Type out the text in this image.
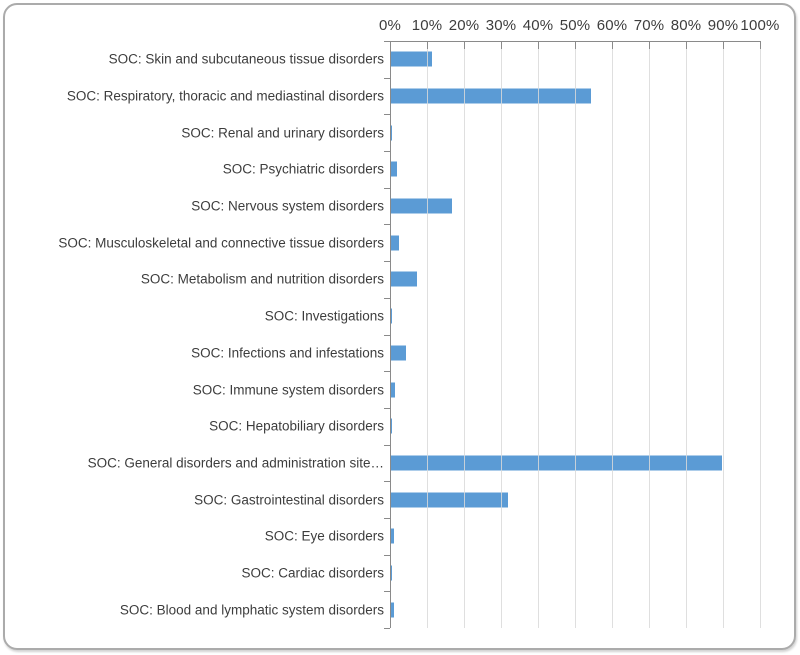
0% 10% 20% 30% 40% 50% 60% 70% 80% 90% 100%
SOC: Skin and subcutaneous tissue disorders
SOC: Respiratory, thoracic and mediastinal disorders
SOC: Renal and urinary disorders
SOC: Psychiatric disorders
SOC: Nervous system disorders
SOC: Musculoskeletal and connective tissue disorders
SOC: Metabolism and nutrition disorders
SOC: Investigations
SOC: Infections and infestations
SOC: Immune system disorders
SOC: Hepatobiliary disorders
SOC: General disorders and administration site…
SOC: Gastrointestinal disorders
SOC: Eye disorders
SOC: Cardiac disorders
SOC: Blood and lymphatic system disorders
